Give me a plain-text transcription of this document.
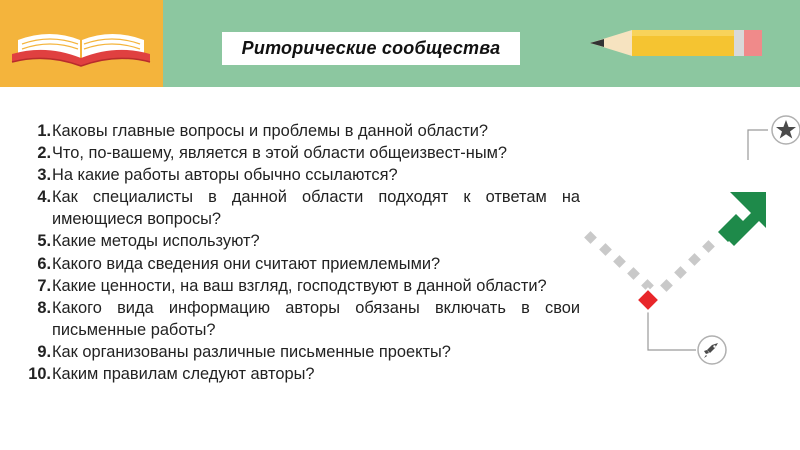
Риторические сообщества
1. Каковы главные вопросы и проблемы в данной области?
2. Что, по-вашему, является в этой области общеизвест-ным?
3. На какие работы авторы обычно ссылаются?
4. Как специалисты в данной области подходят к ответам на имеющиеся вопросы?
5. Какие методы используют?
6. Какого вида сведения они считают приемлемыми?
7. Какие ценности, на ваш взгляд, господствуют в данной области?
8. Какого вида информацию авторы обязаны включать в свои письменные работы?
9. Как организованы различные письменные проекты?
10. Каким правилам следуют авторы?
